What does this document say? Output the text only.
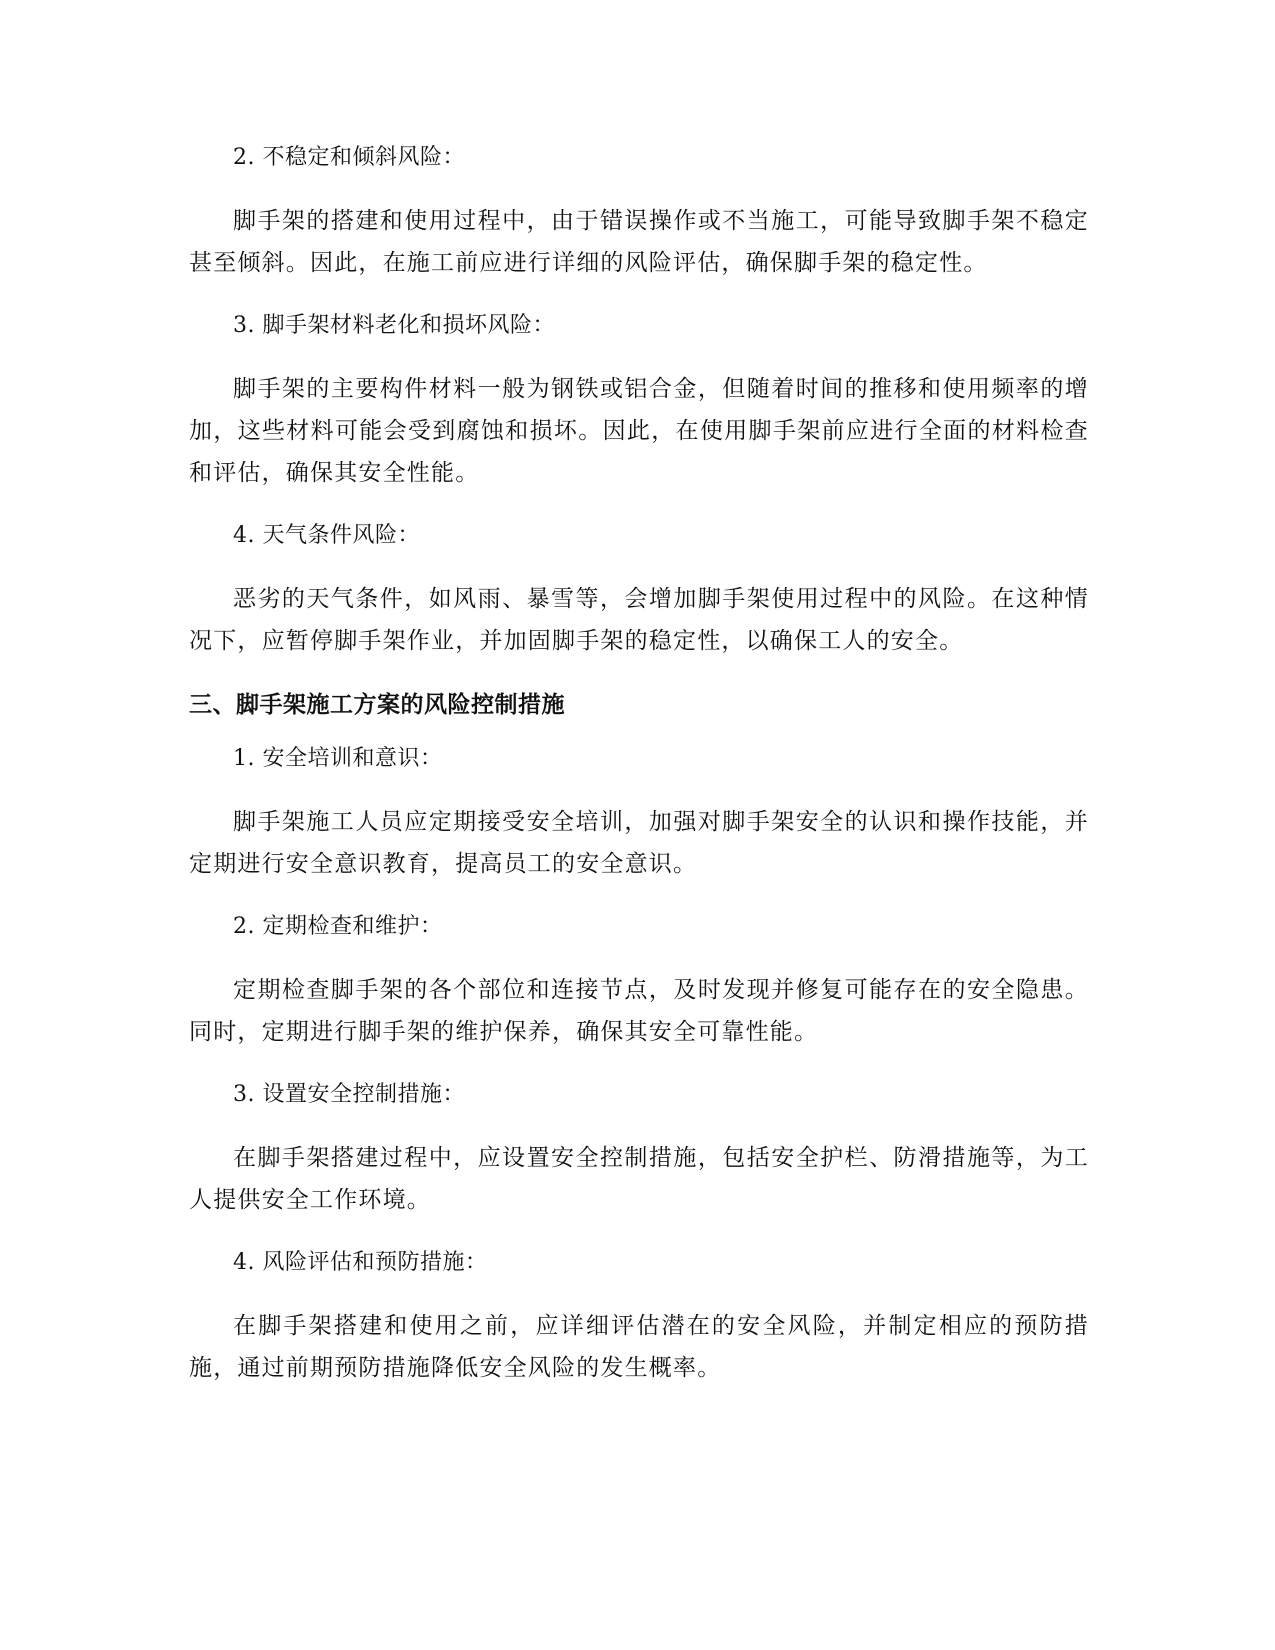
2. 不稳定和倾斜风险：

脚手架的搭建和使用过程中，由于错误操作或不当施工，可能导致脚手架不稳定甚至倾斜。因此，在施工前应进行详细的风险评估，确保脚手架的稳定性。

3. 脚手架材料老化和损坏风险：

脚手架的主要构件材料一般为钢铁或铝合金，但随着时间的推移和使用频率的增加，这些材料可能会受到腐蚀和损坏。因此，在使用脚手架前应进行全面的材料检查和评估，确保其安全性能。

4. 天气条件风险：

恶劣的天气条件，如风雨、暴雪等，会增加脚手架使用过程中的风险。在这种情况下，应暂停脚手架作业，并加固脚手架的稳定性，以确保工人的安全。

三、脚手架施工方案的风险控制措施
1. 安全培训和意识：

脚手架施工人员应定期接受安全培训，加强对脚手架安全的认识和操作技能，并定期进行安全意识教育，提高员工的安全意识。

2. 定期检查和维护：

定期检查脚手架的各个部位和连接节点，及时发现并修复可能存在的安全隐患。同时，定期进行脚手架的维护保养，确保其安全可靠性能。

3. 设置安全控制措施：

在脚手架搭建过程中，应设置安全控制措施，包括安全护栏、防滑措施等，为工人提供安全工作环境。

4. 风险评估和预防措施：

在脚手架搭建和使用之前，应详细评估潜在的安全风险，并制定相应的预防措施，通过前期预防措施降低安全风险的发生概率。
